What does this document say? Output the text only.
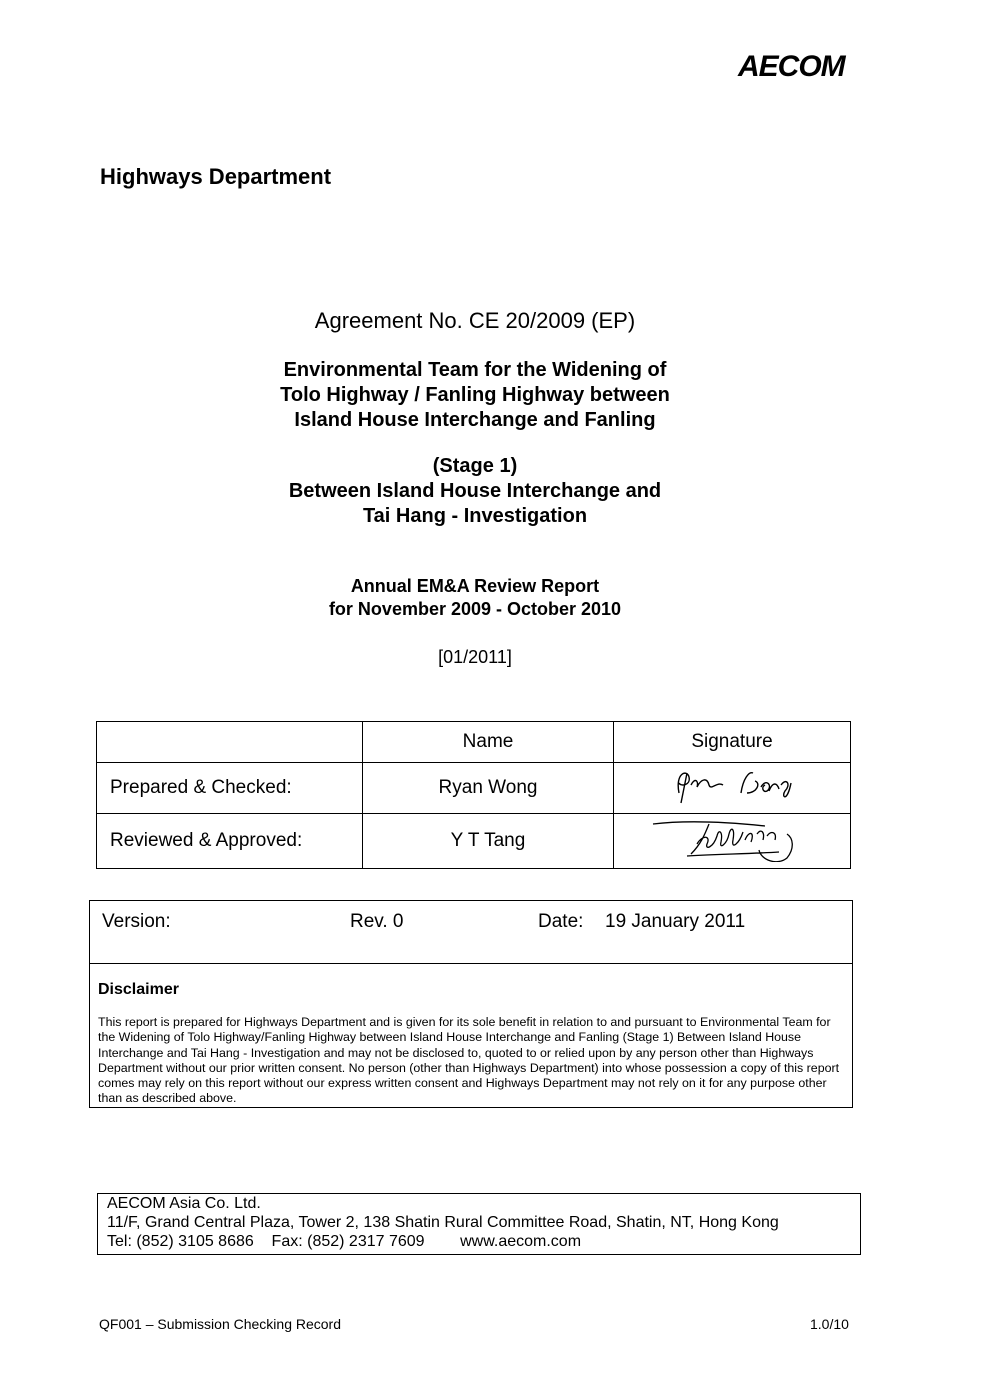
AECOM
Highways Department
Agreement No. CE 20/2009 (EP)
Environmental Team for the Widening of
Tolo Highway / Fanling Highway between
Island House Interchange and Fanling
(Stage 1)
Between Island House Interchange and
Tai Hang - Investigation
Annual EM&A Review Report
for November 2009 - October 2010
[01/2011]
	Name	Signature
Prepared & Checked:	Ryan Wong	
Reviewed & Approved:	Y T Tang	
Version:	Rev. 0	Date: 19 January 2011
Disclaimer
This report is prepared for Highways Department and is given for its sole benefit in relation to and pursuant to Environmental Team for the Widening of Tolo Highway/Fanling Highway between Island House Interchange and Fanling (Stage 1) Between Island House Interchange and Tai Hang - Investigation and may not be disclosed to, quoted to or relied upon by any person other than Highways Department without our prior written consent. No person (other than Highways Department) into whose possession a copy of this report comes may rely on this report without our express written consent and Highways Department may not rely on it for any purpose other than as described above.
AECOM Asia Co. Ltd.
11/F, Grand Central Plaza, Tower 2, 138 Shatin Rural Committee Road, Shatin, NT, Hong Kong
Tel: (852) 3105 8686    Fax: (852) 2317 7609        www.aecom.com
QF001 – Submission Checking Record	1.0/10
